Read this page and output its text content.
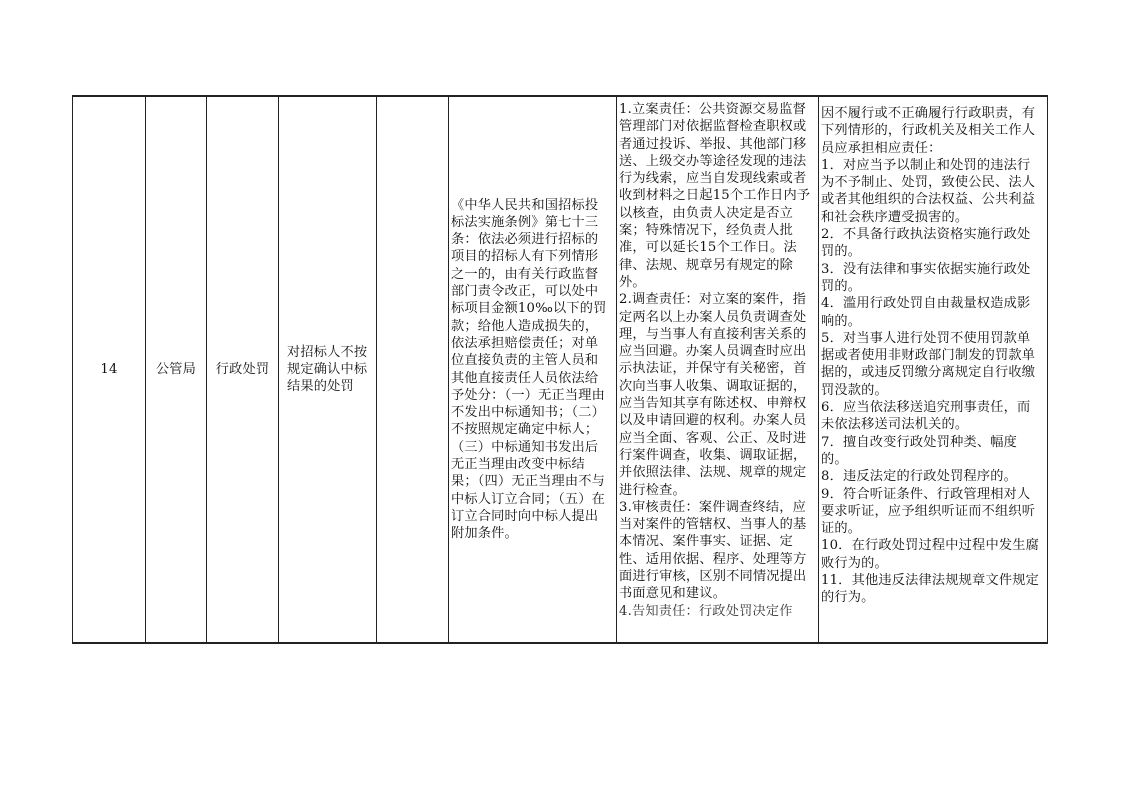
14	公管局 行政处罚
对招标人不按规定确认中标结果的处罚
《中华人民共和国招标投标法实施条例》第七十三条：依法必须进行招标的项目的招标人有下列情形之一的，由有关行政监督部门责令改正，可以处中标项目金额10‰以下的罚款；给他人造成损失的，依法承担赔偿责任；对单位直接负责的主管人员和其他直接责任人员依法给予处分：（一）无正当理由不发出中标通知书；（二）不按照规定确定中标人；（三）中标通知书发出后无正当理由改变中标结果；（四）无正当理由不与中标人订立合同；（五）在订立合同时向中标人提出附加条件。
1.立案责任：公共资源交易监督管理部门对依据监督检查职权或者通过投诉、举报、其他部门移送、上级交办等途径发现的违法行为线索，应当自发现线索或者收到材料之日起15个工作日内予以核查，由负责人决定是否立案；特殊情况下，经负责人批准，可以延长15个工作日。法律、法规、规章另有规定的除外。
2.调查责任：对立案的案件，指定两名以上办案人员负责调查处理，与当事人有直接利害关系的应当回避。办案人员调查时应出示执法证，并保守有关秘密，首次向当事人收集、调取证据的，应当告知其享有陈述权、申辩权以及申请回避的权利。办案人员应当全面、客观、公正、及时进行案件调查，收集、调取证据，并依照法律、法规、规章的规定进行检查。
3.审核责任：案件调查终结，应当对案件的管辖权、当事人的基本情况、案件事实、证据、定性、适用依据、程序、处理等方面进行审核，区别不同情况提出书面意见和建议。
4.告知责任：行政处罚决定作
因不履行或不正确履行行政职责，有下列情形的，行政机关及相关工作人员应承担相应责任：
1．对应当予以制止和处罚的违法行为不予制止、处罚，致使公民、法人或者其他组织的合法权益、公共利益和社会秩序遭受损害的。
2．不具备行政执法资格实施行政处罚的。
3．没有法律和事实依据实施行政处罚的。
4．滥用行政处罚自由裁量权造成影响的。
5．对当事人进行处罚不使用罚款单据或者使用非财政部门制发的罚款单据的，或违反罚缴分离规定自行收缴罚没款的。
6．应当依法移送追究刑事责任，而未依法移送司法机关的。
7．擅自改变行政处罚种类、幅度的。
8．违反法定的行政处罚程序的。
9．符合听证条件、行政管理相对人要求听证，应予组织听证而不组织听证的。
10．在行政处罚过程中过程中发生腐败行为的。
11．其他违反法律法规规章文件规定的行为。
